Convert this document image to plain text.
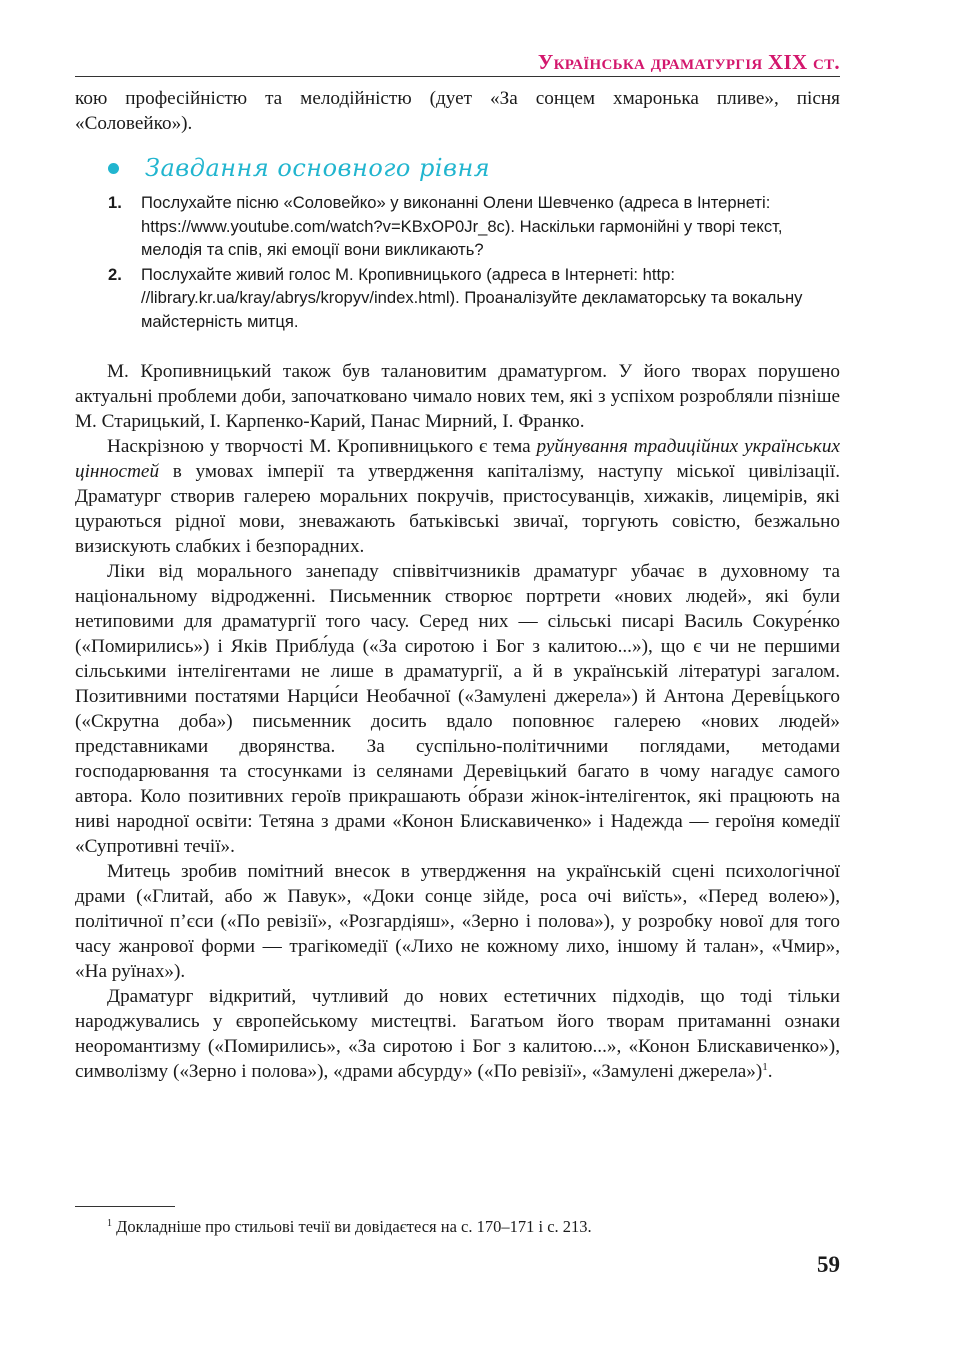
Українська драматургія XIX ст.

кою професійністю та мелодійністю (дует «За сонцем хмаронька пливе», пісня «Соловейко»).

Завдання основного рівня
1.	Послухайте пісню «Соловейко» у виконанні Олени Шевченко (адреса в Інтернеті: https://www.youtube.com/watch?v=KBxOP0Jr_8c). Наскільки гармонійні у творі текст, мелодія та спів, які емоції вони викликають?
2.	Послухайте живий голос М. Кропивницького (адреса в Інтернеті: http: //library.kr.ua/kray/abrys/kropyv/index.html). Проаналізуйте декламаторську та вокальну майстерність митця.

М. Кропивницький також був талановитим драматургом. У його творах порушено актуальні проблеми доби, започатковано чимало нових тем, які з успіхом розробляли пізніше М. Старицький, І. Карпенко-Карий, Панас Мирний, І. Франко.

Наскрізною у творчості М. Кропивницького є тема руйнування традиційних українських цінностей в умовах імперії та утвердження капіталізму, наступу міської цивілізації. Драматург створив галерею моральних покручів, пристосуванців, хижаків, лицемірів, які цураються рідної мови, зневажають батьківські звичаї, торгують совістю, безжально визискують слабких і безпорадних.

Ліки від морального занепаду співвітчизників драматург убачає в духовному та національному відродженні. Письменник створює портрети «нових людей», які були нетиповими для драматургії того часу. Серед них — сільські писарі Василь Сокуре́нко («Помирились») і Яків Прибл́уда («За сиротою і Бог з калитою...»), що є чи не першими сільськими інтелігентами не лише в драматургії, а й в українській літературі загалом. Позитивними постатями Нарци́си Необачної («Замулені джерела») й Антона Дереві́цького («Скрутна доба») письменник досить вдало поповнює галерею «нових людей» представниками дворянства. За суспільно-політичними поглядами, методами господарювання та стосунками із селянами Деревіцький багато в чому нагадує самого автора. Коло позитивних героїв прикрашають о́брази жінок-інтелігенток, які працюють на ниві народної освіти: Тетяна з драми «Конон Блискавиченко» і Надежда — героїня комедії «Супротивні течії».

Митець зробив помітний внесок в утвердження на українській сцені психологічної драми («Глитай, або ж Павук», «Доки сонце зійде, роса очі виїсть», «Перед волею»), політичної п’єси («По ревізії», «Розгардіяш», «Зерно і полова»), у розробку нової для того часу жанрової форми — трагікомедії («Лихо не кожному лихо, іншому й талан», «Чмир», «На руїнах»).

Драматург відкритий, чутливий до нових естетичних підходів, що тоді тільки народжувались у європейському мистецтві. Багатьом його творам притаманні ознаки неоромантизму («Помирились», «За сиротою і Бог з калитою...», «Конон Блискавиченко»), символізму («Зерно і полова»), «драми абсурду» («По ревізії», «Замулені джерела»)$^1$.

$^1$ Докладніше про стильові течії ви довідаєтеся на с. 170–171 і с. 213.
59
